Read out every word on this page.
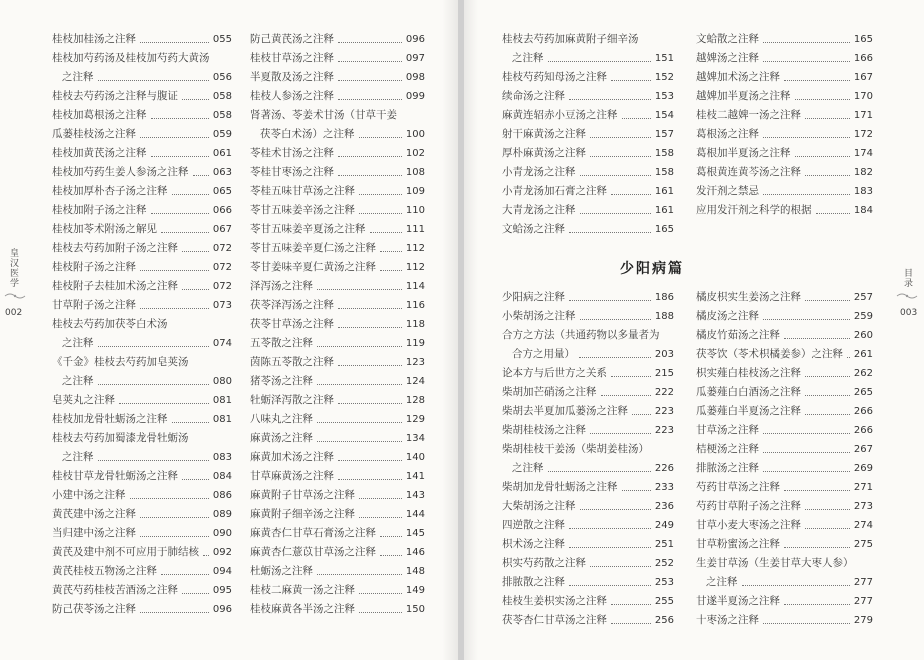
皇汉医学
002
桂枝加桂汤之注释	055
桂枝加芍药汤及桂枝加芍药大黄汤
之注释	056
桂枝去芍药汤之注释与腹证	058
桂枝加葛根汤之注释	058
瓜蒌桂枝汤之注释	059
桂枝加黄芪汤之注释	061
桂枝加芍药生姜人参汤之注释 063
桂枝加厚朴杏子汤之注释	065
桂枝加附子汤之注释	066
桂枝加苓术附汤之解见	067
桂枝去芍药加附子汤之注释	072
桂枝附子汤之注释	072
桂枝附子去桂加术汤之注释	072
甘草附子汤之注释	073
桂枝去芍药加茯苓白术汤
之注释	074
《千金》桂枝去芍药加皂荚汤
之注释	080
皂荚丸之注释	081
桂枝加龙骨牡蛎汤之注释	081
桂枝去芍药加蜀漆龙骨牡蛎汤
之注释	083
桂枝甘草龙骨牡蛎汤之注释	084
小建中汤之注释	086
黄芪建中汤之注释	089
当归建中汤之注释	090
黄芪及建中剂不可应用于肺结核 092
黄芪桂枝五物汤之注释	094
黄芪芍药桂枝苦酒汤之注释	095
防己茯苓汤之注释	096
防己黄芪汤之注释	096
桂枝甘草汤之注释	097
半夏散及汤之注释	098
桂枝人参汤之注释	099
肾著汤、苓姜术甘汤（甘草干姜
茯苓白术汤）之注释	100
苓桂术甘汤之注释	102
苓桂甘枣汤之注释	108
苓桂五味甘草汤之注释	109
苓甘五味姜辛汤之注释	110
苓甘五味姜辛夏汤之注释	111
苓甘五味姜辛夏仁汤之注释	112
苓甘姜味辛夏仁黄汤之注释	112
泽泻汤之注释	114
茯苓泽泻汤之注释	116
茯苓甘草汤之注释	118
五苓散之注释	119
茵陈五苓散之注释	123
猪苓汤之注释	124
牡蛎泽泻散之注释	128
八味丸之注释	129
麻黄汤之注释	134
麻黄加术汤之注释	140
甘草麻黄汤之注释	141
麻黄附子甘草汤之注释	143
麻黄附子细辛汤之注释	144
麻黄杏仁甘草石膏汤之注释	145
麻黄杏仁薏苡甘草汤之注释	146
杜蛎汤之注释	148
桂枝二麻黄一汤之注释	149
桂枝麻黄各半汤之注释	150
目录
003
桂枝去芍药加麻黄附子细辛汤
之注释	151
桂枝芍药知母汤之注释	152
续命汤之注释	153
麻黄连轺赤小豆汤之注释	154
射干麻黄汤之注释	157
厚朴麻黄汤之注释	158
小青龙汤之注释	158
小青龙汤加石膏之注释	161
大青龙汤之注释	161
文蛤汤之注释	165
文蛤散之注释	165
越婢汤之注释	166
越婢加术汤之注释	167
越婢加半夏汤之注释	170
桂枝二越婢一汤之注释	171
葛根汤之注释	172
葛根加半夏汤之注释	174
葛根黄连黄芩汤之注释	182
发汗剂之禁忌	183
应用发汗剂之科学的根据	184
少阳病之注释	186
小柴胡汤之注释	188
合方之方法（共通药物以多量者为
合方之用量）	203
论本方与后世方之关系	215
柴胡加芒硝汤之注释	222
柴胡去半夏加瓜蒌汤之注释	223
柴胡桂枝汤之注释	223
柴胡桂枝干姜汤（柴胡姜桂汤）
之注释	226
柴胡加龙骨牡蛎汤之注释	233
大柴胡汤之注释	236
四逆散之注释	249
枳术汤之注释	251
枳实芍药散之注释	252
排脓散之注释	253
桂枝生姜枳实汤之注释	255
茯苓杏仁甘草汤之注释	256
橘皮枳实生姜汤之注释	257
橘皮汤之注释	259
橘皮竹茹汤之注释	260
茯苓饮（苓术枳橘姜参）之注释 261
枳实薤白桂枝汤之注释	262
瓜蒌薤白白酒汤之注释	265
瓜蒌薤白半夏汤之注释	266
甘草汤之注释	266
桔梗汤之注释	267
排脓汤之注释	269
芍药甘草汤之注释	271
芍药甘草附子汤之注释	273
甘草小麦大枣汤之注释	274
甘草粉蜜汤之注释	275
生姜甘草汤（生姜甘草大枣人参）
之注释	277
甘遂半夏汤之注释	277
十枣汤之注释	279
少阳病篇
